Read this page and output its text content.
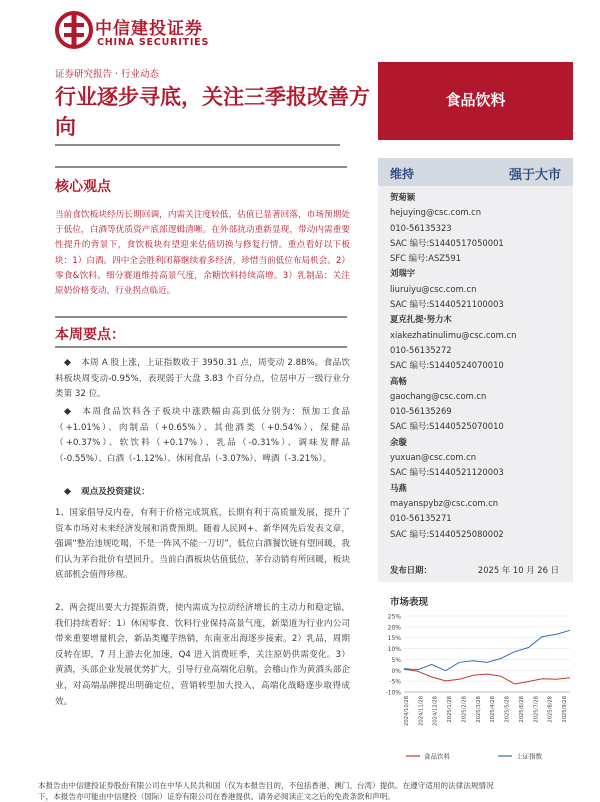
中信建投证券
CHINA SECURITIES
证券研究报告 · 行业动态
行业逐步寻底，关注三季报改善方向
食品饮料
核心观点
当前食饮板块经历长期回调，内需关注度较低，估值已显著回落，市场预期处于低位，白酒等优质资产底部逻辑清晰。在外部扰动重新显现，带动内需重要性提升的背景下，食饮板块有望迎来估值切换与修复行情。重点看好以下板块：1）白酒。四中全会胜利闭幕继续着多经济，珍惜当前低位布局机会。2）零食&饮料。细分赛道维持高景气度，余糖饮料持续高增。3）乳制品：关注原奶价格变动，行业拐点临近。
本周要点：
本周 A 股上涨，上证指数收于 3950.31 点，周变动 2.88%。食品饮料板块周变动-0.95%，表现弱于大盘 3.83 个百分点，位居申万一级行业分类第 32 位。
本周食品饮料各子板块中涨跌幅由高到低分别为：预加工食品（+1.01%）、肉制品（+0.65%）、其他酒类（+0.54%）、保健品（+0.37%）、软饮料（+0.17%）、乳品（-0.31%）、调味发酵品（-0.55%）、白酒（-1.12%）、休闲食品（-3.07%）、啤酒（-3.21%）。
观点及投资建议：
1、国家倡导反内卷，有利于价格完成筑底，长期有利于高质量发展，提升了资本市场对未来经济发展和消费预期。随着人民网+、新华网先后发表文章，强调“整治违规吃喝，不是一阵风不能一刀切”，低位白酒餐饮链有望回暖，我们认为茅台批价有望回升。当前白酒板块估值低位，茅台动销有所回暖，板块底部机会值得珍视。
2、两会提出要大力提振消费，使内需成为拉动经济增长的主动力和稳定锚，我们持续看好：1）休闲零食、饮料行业保持高景气度，新渠道为行业内公司带来重要增量机会，新品类魔芋热销，东南亚出海逐步接索。2）乳品，周期反转在即，7 月上游去化加速，Q4 进入消费旺季，关注原奶供需变化。3）黄酒，头部企业发展优势扩大，引导行业高端化启航，会稽山作为黄酒头部企业，对高端品牌提出明确定位，营销转型加大投入，高端化战略逐步取得成效。
维持	强于大市
贺菊颖
hejuying@csc.com.cn
010-56135323
SAC 编号:S1440517050001
SFC 编号:ASZ591
刘瑞宇
liuruiyu@csc.com.cn
SAC 编号:S1440521100003
夏克扎提·努力木
xiakezhatinulimu@csc.com.cn
010-56135272
SAC 编号:S1440524070010
高畅
gaochang@csc.com.cn
010-56135269
SAC 编号:S1440525070010
余璇
yuxuan@csc.com.cn
SAC 编号:S1440521120003
马燕
mayanspybz@csc.com.cn
010-56135271
SAC 编号:S1440525080002
发布日期：	2025 年 10 月 26 日
市场表现
25%
20%
15%
10%
5%
0%
-5%
-10%
2024/10/28 2024/11/28 2024/12/28 2025/1/28 2025/2/28 2025/3/28 2025/4/28 2025/5/28 2025/6/28 2025/7/28 2025/8/28 2025/9/28
食品饮料	上证指数
本报告由中信建投证券股份有限公司在中华人民共和国（仅为本报告目的，不包括香港、澳门、台湾）提供。在遵守适用的法律法规情况
下，本报告亦可能由中信建投（国际）证券有限公司在香港提供。请务必阅读正文之后的免责条款和声明。
